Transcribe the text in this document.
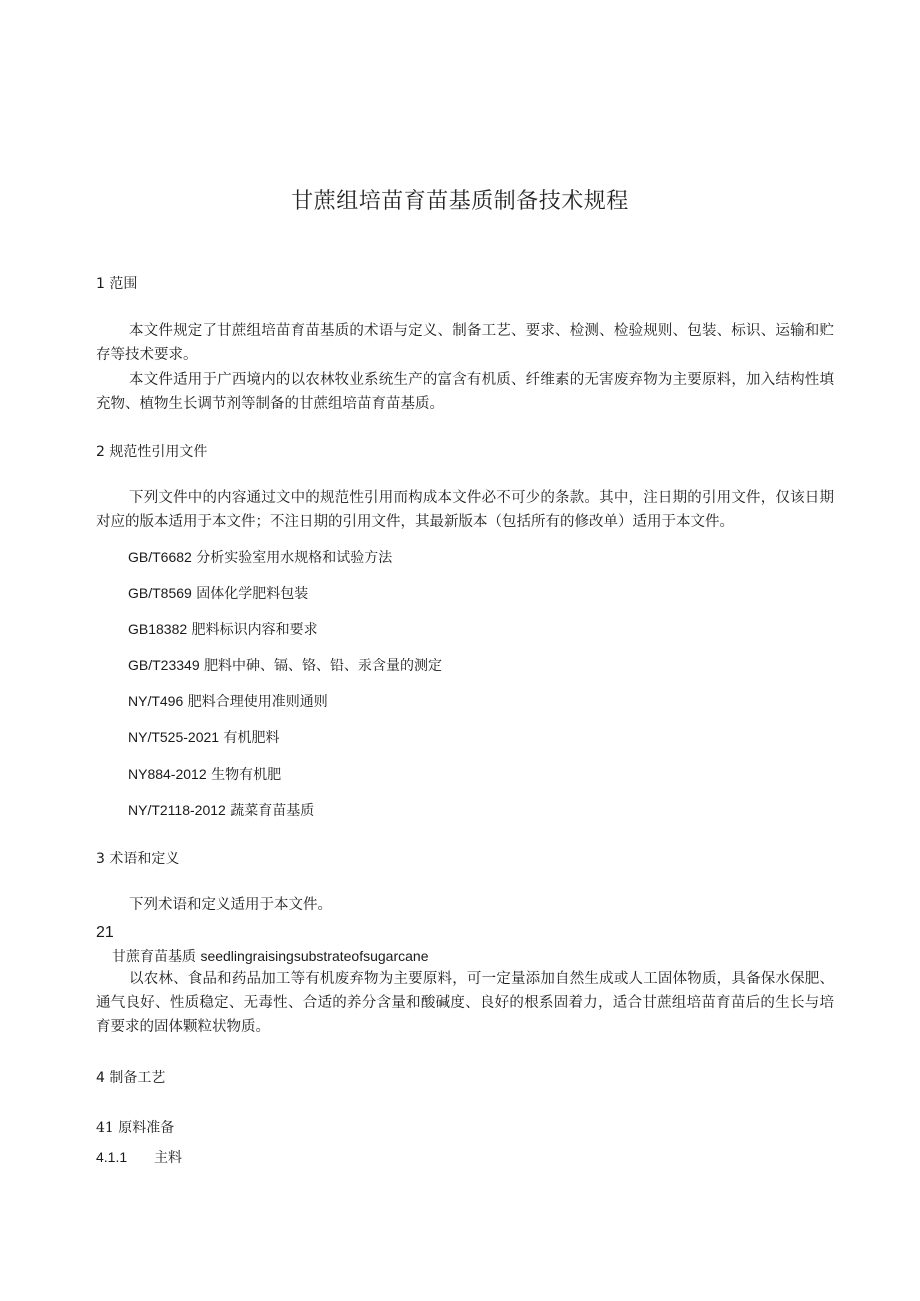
甘蔗组培苗育苗基质制备技术规程
1 范围
本文件规定了甘蔗组培苗育苗基质的术语与定义、制备工艺、要求、检测、检验规则、包装、标识、运输和贮存等技术要求。
本文件适用于广西境内的以农林牧业系统生产的富含有机质、纤维素的无害废弃物为主要原料，加入结构性填充物、植物生长调节剂等制备的甘蔗组培苗育苗基质。
2 规范性引用文件
下列文件中的内容通过文中的规范性引用而构成本文件必不可少的条款。其中，注日期的引用文件，仅该日期对应的版本适用于本文件；不注日期的引用文件，其最新版本（包括所有的修改单）适用于本文件。
GB/T6682 分析实验室用水规格和试验方法
GB/T8569 固体化学肥料包装
GB18382 肥料标识内容和要求
GB/T23349 肥料中砷、镉、铬、铅、汞含量的测定
NY/T496 肥料合理使用准则通则
NY/T525-2021 有机肥料
NY884-2012 生物有机肥
NY/T2118-2012 蔬菜育苗基质
3 术语和定义
下列术语和定义适用于本文件。
21
甘蔗育苗基质 seedlingraisingsubstrateofsugarcane
以农林、食品和药品加工等有机废弃物为主要原料，可一定量添加自然生成或人工固体物质，具备保水保肥、通气良好、性质稳定、无毒性、合适的养分含量和酸碱度、良好的根系固着力，适合甘蔗组培苗育苗后的生长与培育要求的固体颗粒状物质。
4 制备工艺
41 原料准备
4.1.1 主料
